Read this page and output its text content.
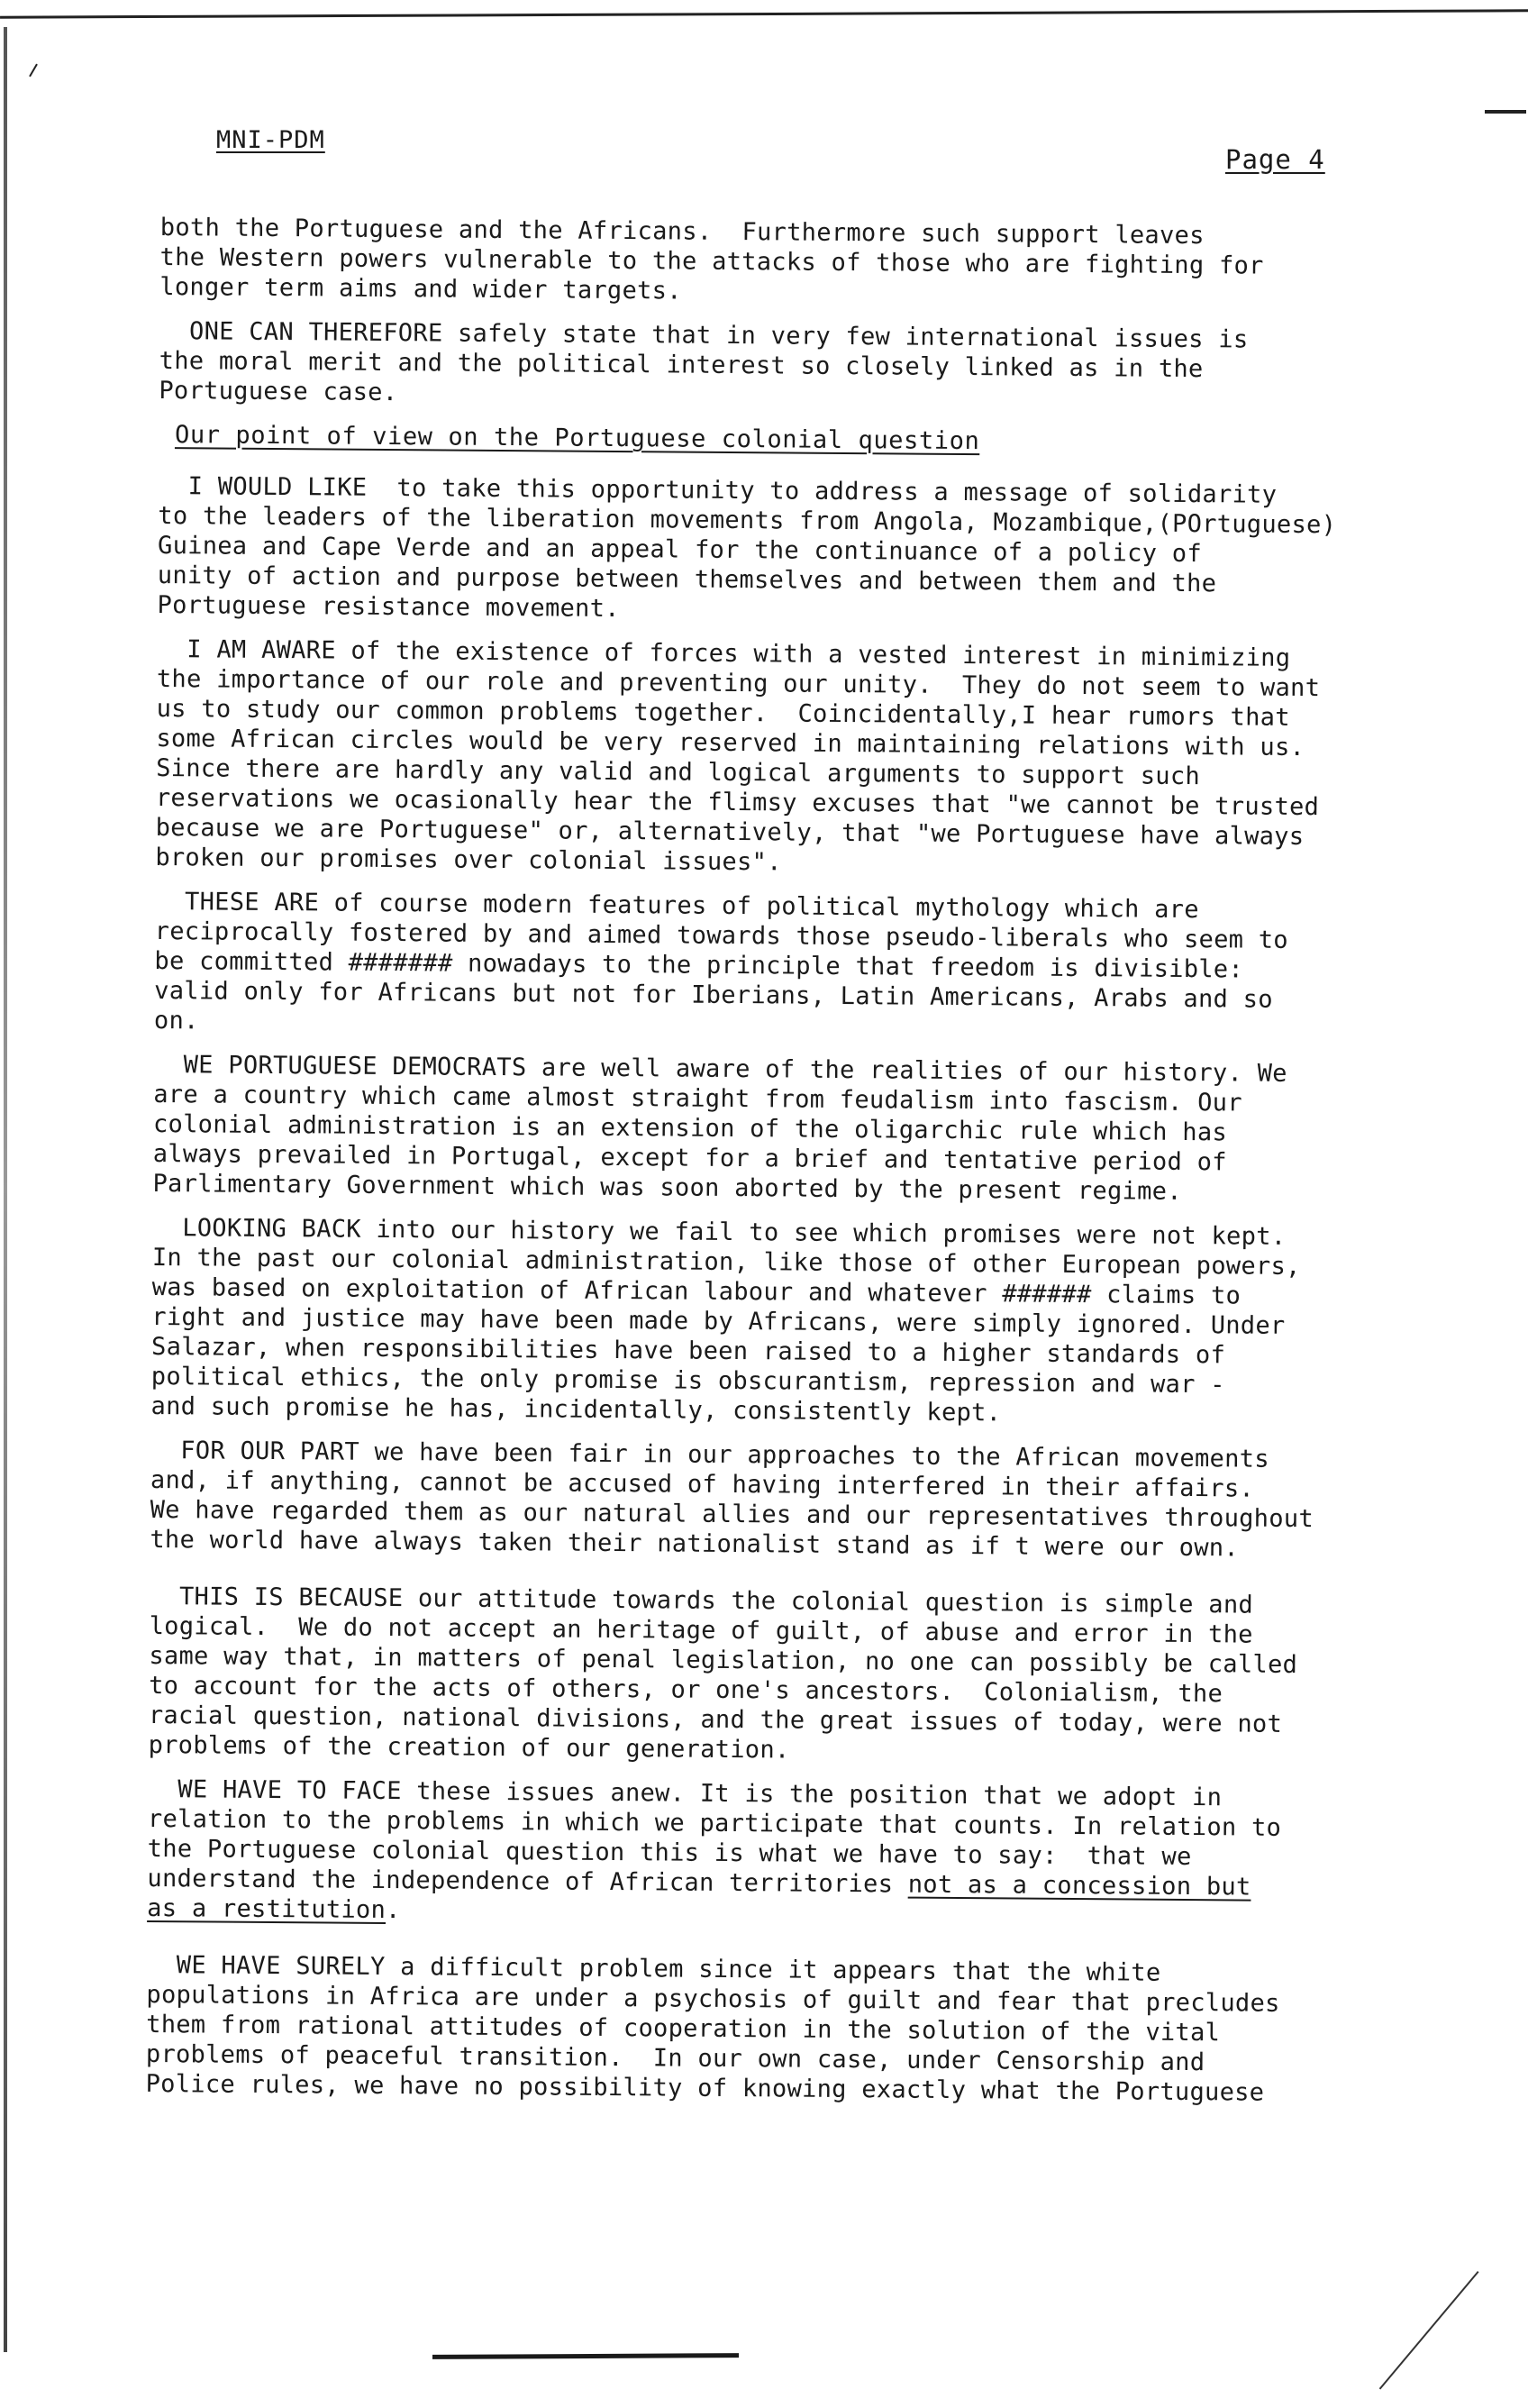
MNI-PDM
Page 4

both the Portuguese and the Africans.  Furthermore such support leaves
the Western powers vulnerable to the attacks of those who are fighting for
longer term aims and wider targets.

ONE CAN THEREFORE safely state that in very few international issues is
the moral merit and the political interest so closely linked as in the
Portuguese case.

Our point of view on the Portuguese colonial question

I WOULD LIKE  to take this opportunity to address a message of solidarity
to the leaders of the liberation movements from Angola, Mozambique,(POrtuguese)
Guinea and Cape Verde and an appeal for the continuance of a policy of
unity of action and purpose between themselves and between them and the
Portuguese resistance movement.

I AM AWARE of the existence of forces with a vested interest in minimizing
the importance of our role and preventing our unity.  They do not seem to want
us to study our common problems together.  Coincidentally,I hear rumors that
some African circles would be very reserved in maintaining relations with us.
Since there are hardly any valid and logical arguments to support such
reservations we ocasionally hear the flimsy excuses that "we cannot be trusted
because we are Portuguese" or, alternatively, that "we Portuguese have always
broken our promises over colonial issues".

THESE ARE of course modern features of political mythology which are
reciprocally fostered by and aimed towards those pseudo-liberals who seem to
be committed ####### nowadays to the principle that freedom is divisible:
valid only for Africans but not for Iberians, Latin Americans, Arabs and so
on.

WE PORTUGUESE DEMOCRATS are well aware of the realities of our history. We
are a country which came almost straight from feudalism into fascism. Our
colonial administration is an extension of the oligarchic rule which has
always prevailed in Portugal, except for a brief and tentative period of
Parlimentary Government which was soon aborted by the present regime.

LOOKING BACK into our history we fail to see which promises were not kept.
In the past our colonial administration, like those of other European powers,
was based on exploitation of African labour and whatever ###### claims to
right and justice may have been made by Africans, were simply ignored. Under
Salazar, when responsibilities have been raised to a higher standards of
political ethics, the only promise is obscurantism, repression and war -
and such promise he has, incidentally, consistently kept.

FOR OUR PART we have been fair in our approaches to the African movements
and, if anything, cannot be accused of having interfered in their affairs.
We have regarded them as our natural allies and our representatives throughout
the world have always taken their nationalist stand as if t were our own.

THIS IS BECAUSE our attitude towards the colonial question is simple and
logical.  We do not accept an heritage of guilt, of abuse and error in the
same way that, in matters of penal legislation, no one can possibly be called
to account for the acts of others, or one's ancestors.  Colonialism, the
racial question, national divisions, and the great issues of today, were not
problems of the creation of our generation.

WE HAVE TO FACE these issues anew. It is the position that we adopt in
relation to the problems in which we participate that counts. In relation to
the Portuguese colonial question this is what we have to say:  that we
understand the independence of African territories not as a concession but
as a restitution.

WE HAVE SURELY a difficult problem since it appears that the white
populations in Africa are under a psychosis of guilt and fear that precludes
them from rational attitudes of cooperation in the solution of the vital
problems of peaceful transition.  In our own case, under Censorship and
Police rules, we have no possibility of knowing exactly what the Portuguese
